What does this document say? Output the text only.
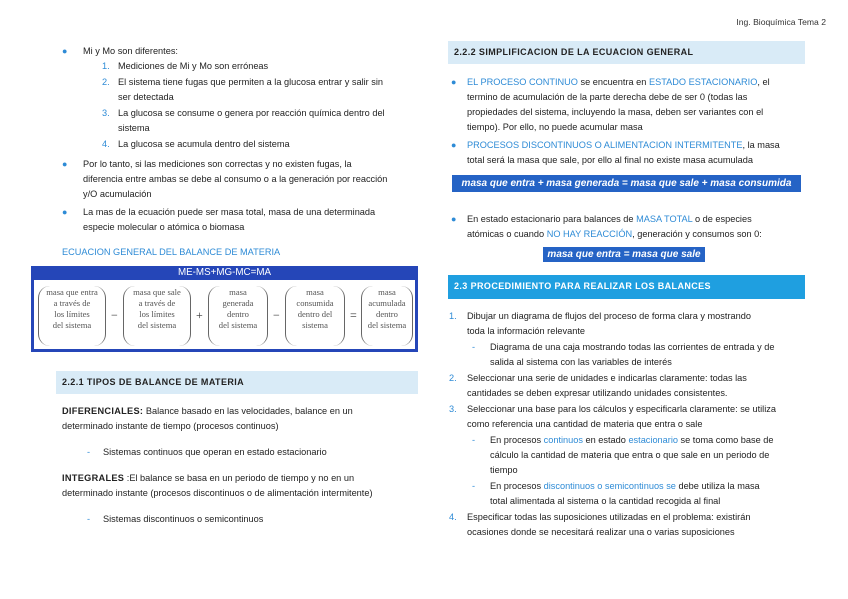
Ing. Bioquímica Tema 2
● Mi y Mo son diferentes:
1. Mediciones de Mi y Mo son erróneas
2. El sistema tiene fugas que permiten a la glucosa entrar y salir sin
ser detectada
3. La glucosa se consume o genera por reacción química dentro del
sistema
4. La glucosa se acumula dentro del sistema
● Por lo tanto, si las mediciones son correctas y no existen fugas, la
diferencia entre ambas se debe al consumo o a la generación por reacción
y/O acumulación
● La mas de la ecuación puede ser masa total, masa de una determinada
especie molecular o atómica o biomasa
ECUACION GENERAL DEL BALANCE DE MATERIA
ME-MS+MG-MC=MA
masa que entra
a través de
los límites
del sistema
−
masa que sale
a través de
los límites
del sistema
+
masa
generada
dentro
del sistema
−
masa
consumida
dentro del
sistema
=
masa
acumulada
dentro
del sistema
2.2.1 TIPOS DE BALANCE DE MATERIA
DIFERENCIALES: Balance basado en las velocidades, balance en un
determinado instante de tiempo (procesos continuos)
- Sistemas continuos que operan en estado estacionario
INTEGRALES :El balance se basa en un periodo de tiempo y no en un
determinado instante (procesos discontinuos o de alimentación intermitente)
- Sistemas discontinuos o semicontinuos
2.2.2 SIMPLIFICACION DE LA ECUACION GENERAL
● EL PROCESO CONTINUO se encuentra en ESTADO ESTACIONARIO, el
termino de acumulación de la parte derecha debe de ser 0 (todas las
propiedades del sistema, incluyendo la masa, deben ser variantes con el
tiempo). Por ello, no puede acumular masa
● PROCESOS DISCONTINUOS O ALIMENTACION INTERMITENTE, la masa
total será la masa que sale, por ello al final no existe masa acumulada
masa que entra + masa generada = masa que sale + masa consumida
● En estado estacionario para balances de MASA TOTAL o de especies
atómicas o cuando NO HAY REACCIÓN, generación y consumos son 0:
masa que entra = masa que sale
2.3 PROCEDIMIENTO PARA REALIZAR LOS BALANCES
1. Dibujar un diagrama de flujos del proceso de forma clara y mostrando
toda la información relevante
- Diagrama de una caja mostrando todas las corrientes de entrada y de
salida al sistema con las variables de interés
2. Seleccionar una serie de unidades e indicarlas claramente: todas las
cantidades se deben expresar utilizando unidades consistentes.
3. Seleccionar una base para los cálculos y especificarla claramente: se utiliza
como referencia una cantidad de materia que entra o sale
- En procesos continuos en estado estacionario se toma como base de
cálculo la cantidad de materia que entra o que sale en un periodo de
tiempo
- En procesos discontinuos o semicontinuos se debe utiliza la masa
total alimentada al sistema o la cantidad recogida al final
4. Especificar todas las suposiciones utilizadas en el problema: existirán
ocasiones donde se necesitará realizar una o varias suposiciones
